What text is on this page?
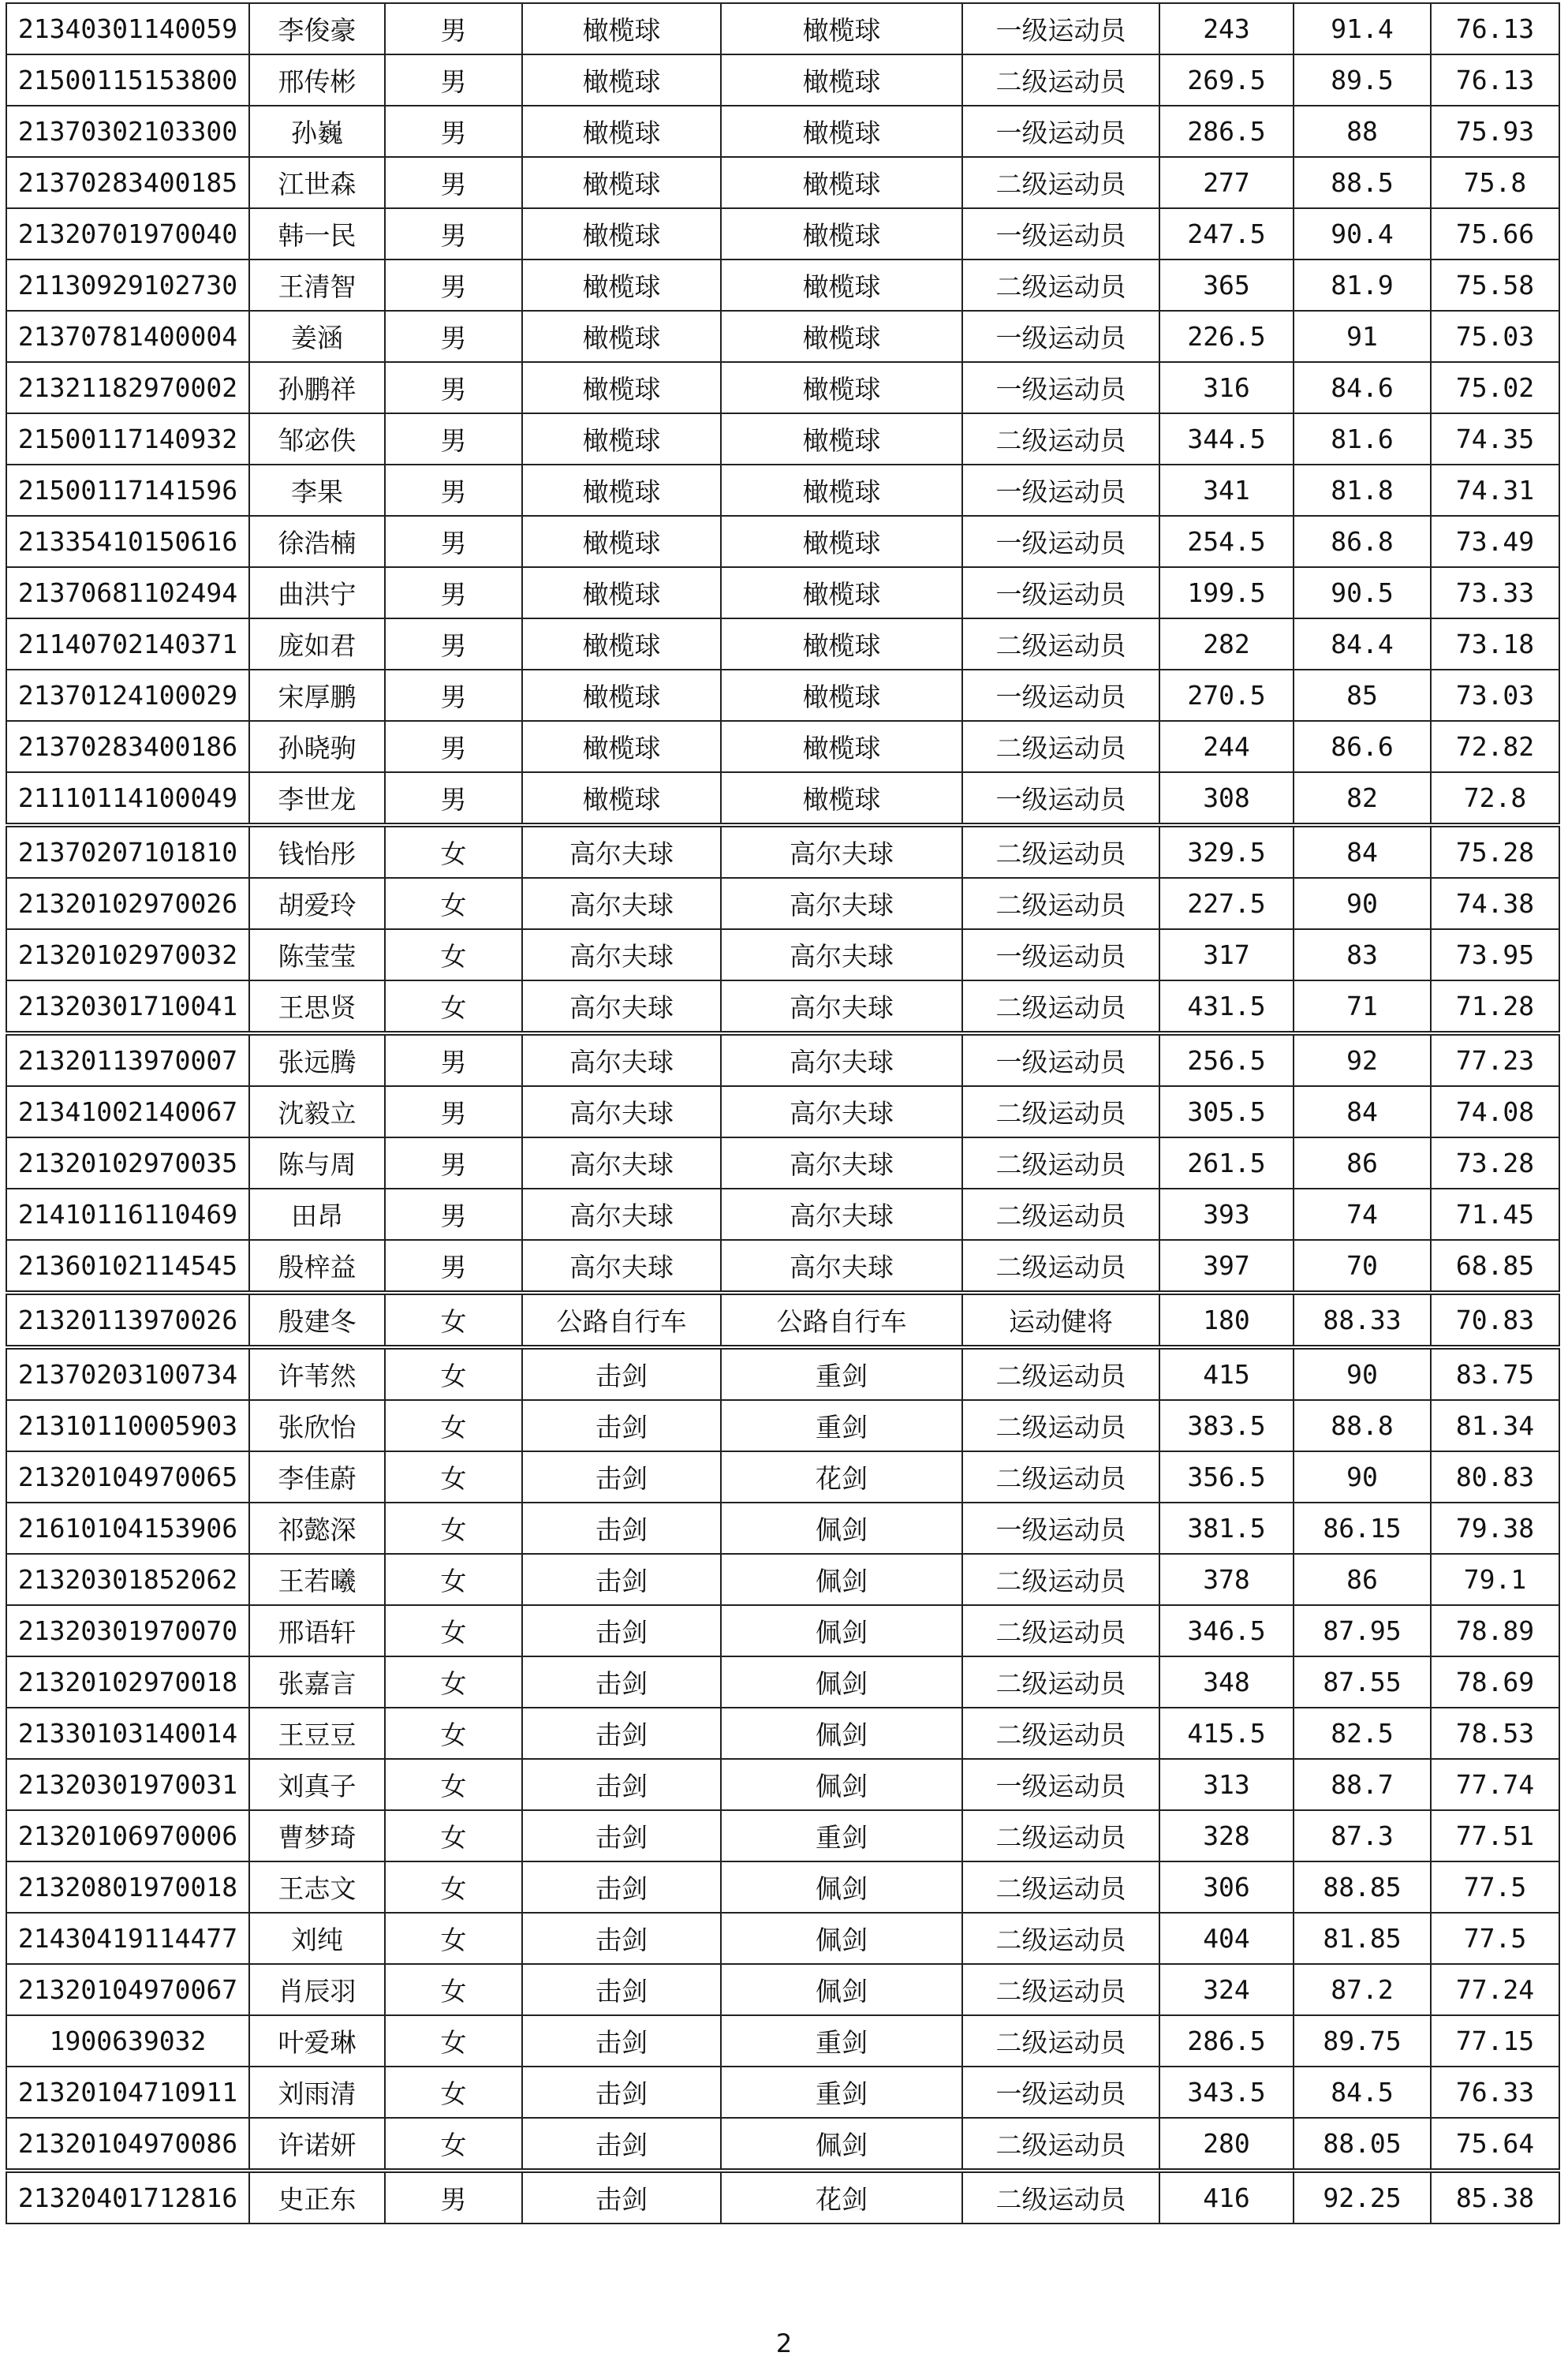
21340301140059	李俊豪	男	橄榄球	橄榄球	一级运动员	243	91.4	76.13
21500115153800	邢传彬	男	橄榄球	橄榄球	二级运动员	269.5	89.5	76.13
21370302103300	孙巍	男	橄榄球	橄榄球	一级运动员	286.5	88	75.93
21370283400185	江世森	男	橄榄球	橄榄球	二级运动员	277	88.5	75.8
21320701970040	韩一民	男	橄榄球	橄榄球	一级运动员	247.5	90.4	75.66
21130929102730	王清智	男	橄榄球	橄榄球	二级运动员	365	81.9	75.58
21370781400004	姜涵	男	橄榄球	橄榄球	一级运动员	226.5	91	75.03
21321182970002	孙鹏祥	男	橄榄球	橄榄球	一级运动员	316	84.6	75.02
21500117140932	邹宓佚	男	橄榄球	橄榄球	二级运动员	344.5	81.6	74.35
21500117141596	李果	男	橄榄球	橄榄球	一级运动员	341	81.8	74.31
21335410150616	徐浩楠	男	橄榄球	橄榄球	一级运动员	254.5	86.8	73.49
21370681102494	曲洪宁	男	橄榄球	橄榄球	一级运动员	199.5	90.5	73.33
21140702140371	庞如君	男	橄榄球	橄榄球	二级运动员	282	84.4	73.18
21370124100029	宋厚鹏	男	橄榄球	橄榄球	一级运动员	270.5	85	73.03
21370283400186	孙晓驹	男	橄榄球	橄榄球	二级运动员	244	86.6	72.82
21110114100049	李世龙	男	橄榄球	橄榄球	一级运动员	308	82	72.8
21370207101810	钱怡彤	女	高尔夫球	高尔夫球	二级运动员	329.5	84	75.28
21320102970026	胡爱玲	女	高尔夫球	高尔夫球	二级运动员	227.5	90	74.38
21320102970032	陈莹莹	女	高尔夫球	高尔夫球	一级运动员	317	83	73.95
21320301710041	王思贤	女	高尔夫球	高尔夫球	二级运动员	431.5	71	71.28
21320113970007	张远腾	男	高尔夫球	高尔夫球	一级运动员	256.5	92	77.23
21341002140067	沈毅立	男	高尔夫球	高尔夫球	二级运动员	305.5	84	74.08
21320102970035	陈与周	男	高尔夫球	高尔夫球	二级运动员	261.5	86	73.28
21410116110469	田昂	男	高尔夫球	高尔夫球	二级运动员	393	74	71.45
21360102114545	殷梓益	男	高尔夫球	高尔夫球	二级运动员	397	70	68.85
21320113970026	殷建冬	女	公路自行车	公路自行车	运动健将	180	88.33	70.83
21370203100734	许苇然	女	击剑	重剑	二级运动员	415	90	83.75
21310110005903	张欣怡	女	击剑	重剑	二级运动员	383.5	88.8	81.34
21320104970065	李佳蔚	女	击剑	花剑	二级运动员	356.5	90	80.83
21610104153906	祁懿深	女	击剑	佩剑	一级运动员	381.5	86.15	79.38
21320301852062	王若曦	女	击剑	佩剑	二级运动员	378	86	79.1
21320301970070	邢语轩	女	击剑	佩剑	二级运动员	346.5	87.95	78.89
21320102970018	张嘉言	女	击剑	佩剑	二级运动员	348	87.55	78.69
21330103140014	王豆豆	女	击剑	佩剑	二级运动员	415.5	82.5	78.53
21320301970031	刘真子	女	击剑	佩剑	一级运动员	313	88.7	77.74
21320106970006	曹梦琦	女	击剑	重剑	二级运动员	328	87.3	77.51
21320801970018	王志文	女	击剑	佩剑	二级运动员	306	88.85	77.5
21430419114477	刘纯	女	击剑	佩剑	二级运动员	404	81.85	77.5
21320104970067	肖辰羽	女	击剑	佩剑	二级运动员	324	87.2	77.24
1900639032	叶爱琳	女	击剑	重剑	二级运动员	286.5	89.75	77.15
21320104710911	刘雨清	女	击剑	重剑	一级运动员	343.5	84.5	76.33
21320104970086	许诺妍	女	击剑	佩剑	二级运动员	280	88.05	75.64
21320401712816	史正东	男	击剑	花剑	二级运动员	416	92.25	85.38
2
